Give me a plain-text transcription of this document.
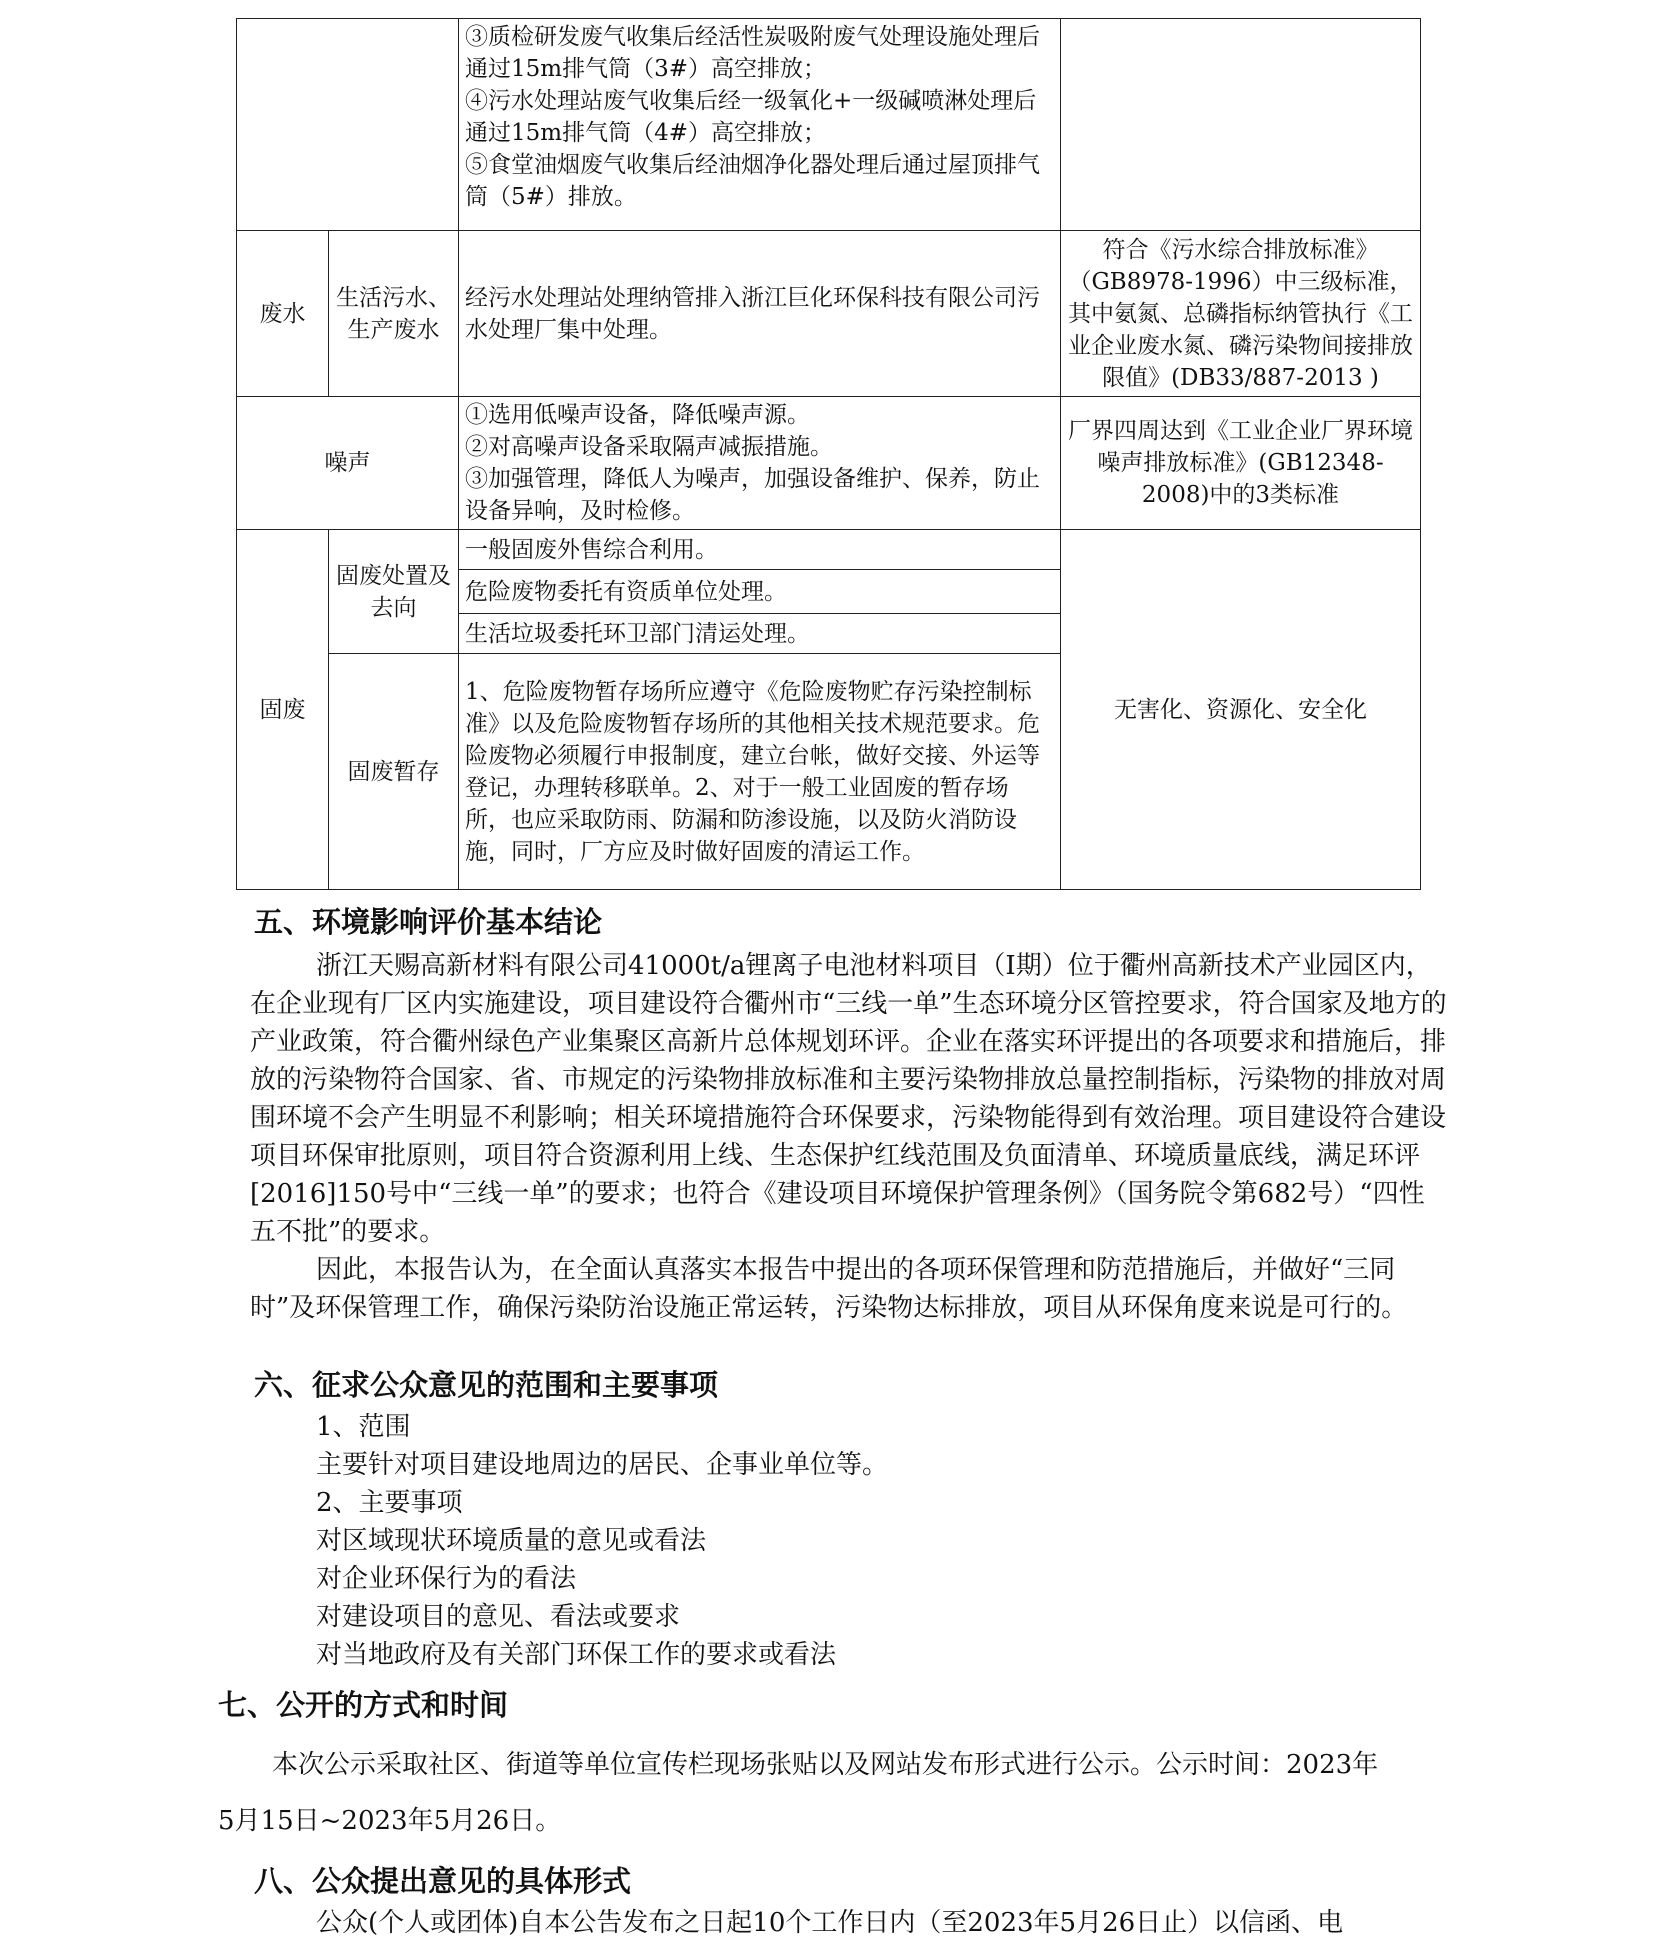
		③质检研发废气收集后经活性炭吸附废气处理设施处理后通过15m排气筒（3#）高空排放；
④污水处理站废气收集后经一级氧化+一级碱喷淋处理后通过15m排气筒（4#）高空排放；
⑤食堂油烟废气收集后经油烟净化器处理后通过屋顶排气筒（5#）排放。	

废水	生活污水、生产废水	经污水处理站处理纳管排入浙江巨化环保科技有限公司污水处理厂集中处理。	符合《污水综合排放标准》（GB8978-1996）中三级标准，其中氨氮、总磷指标纳管执行《工业企业废水氮、磷污染物间接排放限值》(DB33/887-2013 )
噪声		①选用低噪声设备，降低噪声源。
②对高噪声设备采取隔声减振措施。
③加强管理，降低人为噪声，加强设备维护、保养，防止设备异响，及时检修。	厂界四周达到《工业企业厂界环境噪声排放标准》(GB12348-2008)中的3类标准
固废	固废处置及去向	一般固废外售综合利用。	无害化、资源化、安全化
		危险废物委托有资质单位处理。	
		生活垃圾委托环卫部门清运处理。	
	固废暂存	1、危险废物暂存场所应遵守《危险废物贮存污染控制标准》以及危险废物暂存场所的其他相关技术规范要求。危险废物必须履行申报制度，建立台帐，做好交接、外运等登记，办理转移联单。2、对于一般工业固废的暂存场所，也应采取防雨、防漏和防渗设施，以及防火消防设施，同时，厂方应及时做好固废的清运工作。	
五、环境影响评价基本结论

浙江天赐高新材料有限公司41000t/a锂离子电池材料项目（I期）位于衢州高新技术产业园区内，在企业现有厂区内实施建设，项目建设符合衢州市“三线一单”生态环境分区管控要求，符合国家及地方的产业政策，符合衢州绿色产业集聚区高新片总体规划环评。企业在落实环评提出的各项要求和措施后，排放的污染物符合国家、省、市规定的污染物排放标准和主要污染物排放总量控制指标，污染物的排放对周围环境不会产生明显不利影响；相关环境措施符合环保要求，污染物能得到有效治理。项目建设符合建设项目环保审批原则，项目符合资源利用上线、生态保护红线范围及负面清单、环境质量底线，满足环评[2016]150号中“三线一单”的要求；也符合《建设项目环境保护管理条例》（国务院令第682号）“四性五不批”的要求。

因此，本报告认为，在全面认真落实本报告中提出的各项环保管理和防范措施后，并做好“三同时”及环保管理工作，确保污染防治设施正常运转，污染物达标排放，项目从环保角度来说是可行的。

六、征求公众意见的范围和主要事项
1、范围
主要针对项目建设地周边的居民、企事业单位等。
2、主要事项
对区域现状环境质量的意见或看法
对企业环保行为的看法
对建设项目的意见、看法或要求
对当地政府及有关部门环保工作的要求或看法
七、公开的方式和时间
本次公示采取社区、街道等单位宣传栏现场张贴以及网站发布形式进行公示。公示时间：2023年
5月15日~2023年5月26日。
八、公众提出意见的具体形式
公众(个人或团体)自本公告发布之日起10个工作日内（至2023年5月26日止）以信函、电
